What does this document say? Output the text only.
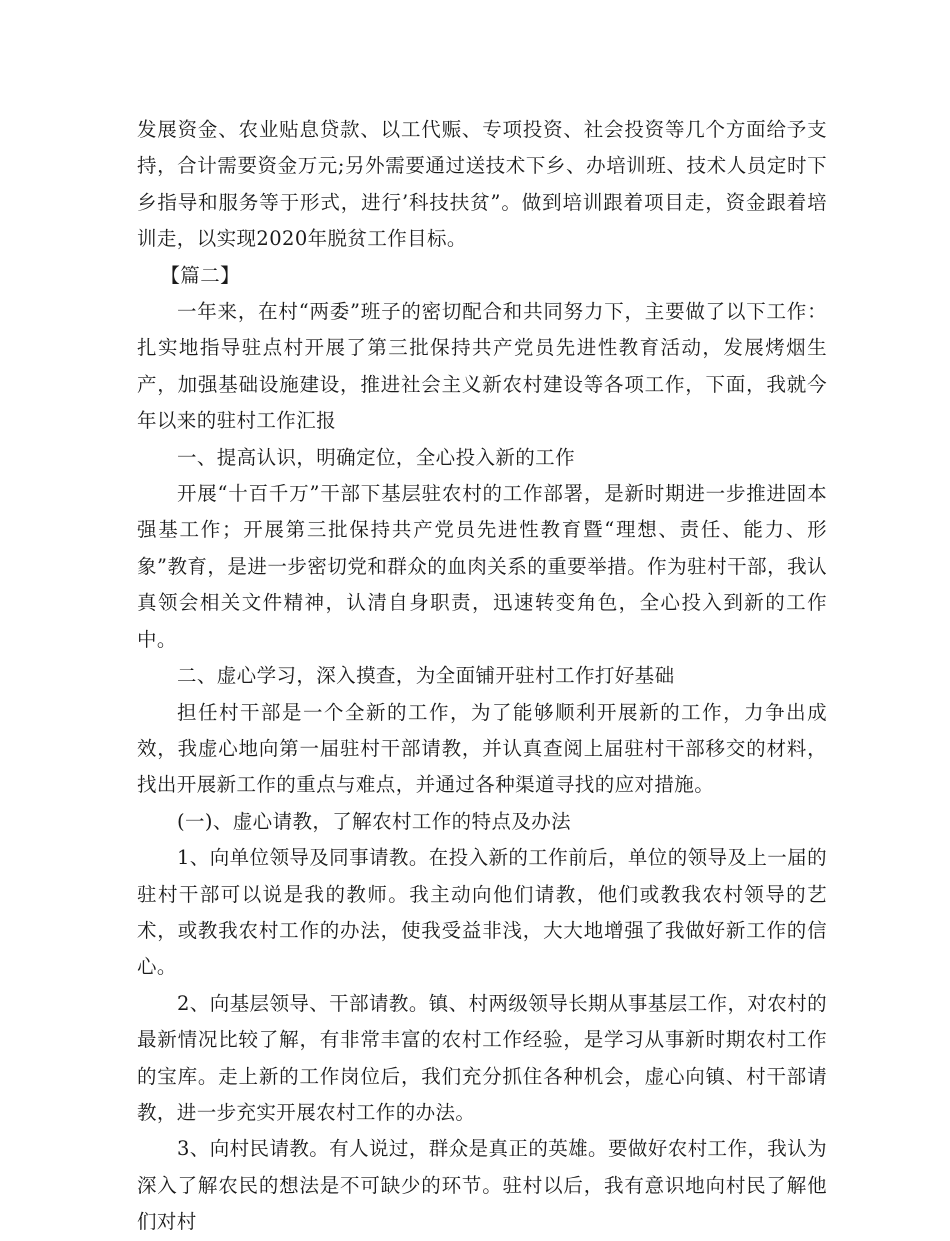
发展资金、农业贴息贷款、以工代赈、专项投资、社会投资等几个方面给予支持，合计需要资金万元;另外需要通过送技术下乡、办培训班、技术人员定时下乡指导和服务等于形式，进行’科技扶贫”。做到培训跟着项目走，资金跟着培训走，以实现2020年脱贫工作目标。

【篇二】

一年来，在村“两委”班子的密切配合和共同努力下，主要做了以下工作：扎实地指导驻点村开展了第三批保持共产党员先进性教育活动，发展烤烟生产，加强基础设施建设，推进社会主义新农村建设等各项工作，下面，我就今年以来的驻村工作汇报

一、提高认识，明确定位，全心投入新的工作

开展“十百千万”干部下基层驻农村的工作部署，是新时期进一步推进固本强基工作；开展第三批保持共产党员先进性教育暨“理想、责任、能力、形象”教育，是进一步密切党和群众的血肉关系的重要举措。作为驻村干部，我认真领会相关文件精神，认清自身职责，迅速转变角色，全心投入到新的工作中。

二、虚心学习，深入摸查，为全面铺开驻村工作打好基础

担任村干部是一个全新的工作，为了能够顺利开展新的工作，力争出成效，我虚心地向第一届驻村干部请教，并认真查阅上届驻村干部移交的材料，找出开展新工作的重点与难点，并通过各种渠道寻找的应对措施。

(一)、虚心请教，了解农村工作的特点及办法

1、向单位领导及同事请教。在投入新的工作前后，单位的领导及上一届的驻村干部可以说是我的教师。我主动向他们请教，他们或教我农村领导的艺术，或教我农村工作的办法，使我受益非浅，大大地增强了我做好新工作的信心。

2、向基层领导、干部请教。镇、村两级领导长期从事基层工作，对农村的最新情况比较了解，有非常丰富的农村工作经验，是学习从事新时期农村工作的宝库。走上新的工作岗位后，我们充分抓住各种机会，虚心向镇、村干部请教，进一步充实开展农村工作的办法。

3、向村民请教。有人说过，群众是真正的英雄。要做好农村工作，我认为深入了解农民的想法是不可缺少的环节。驻村以后，我有意识地向村民了解他们对村
